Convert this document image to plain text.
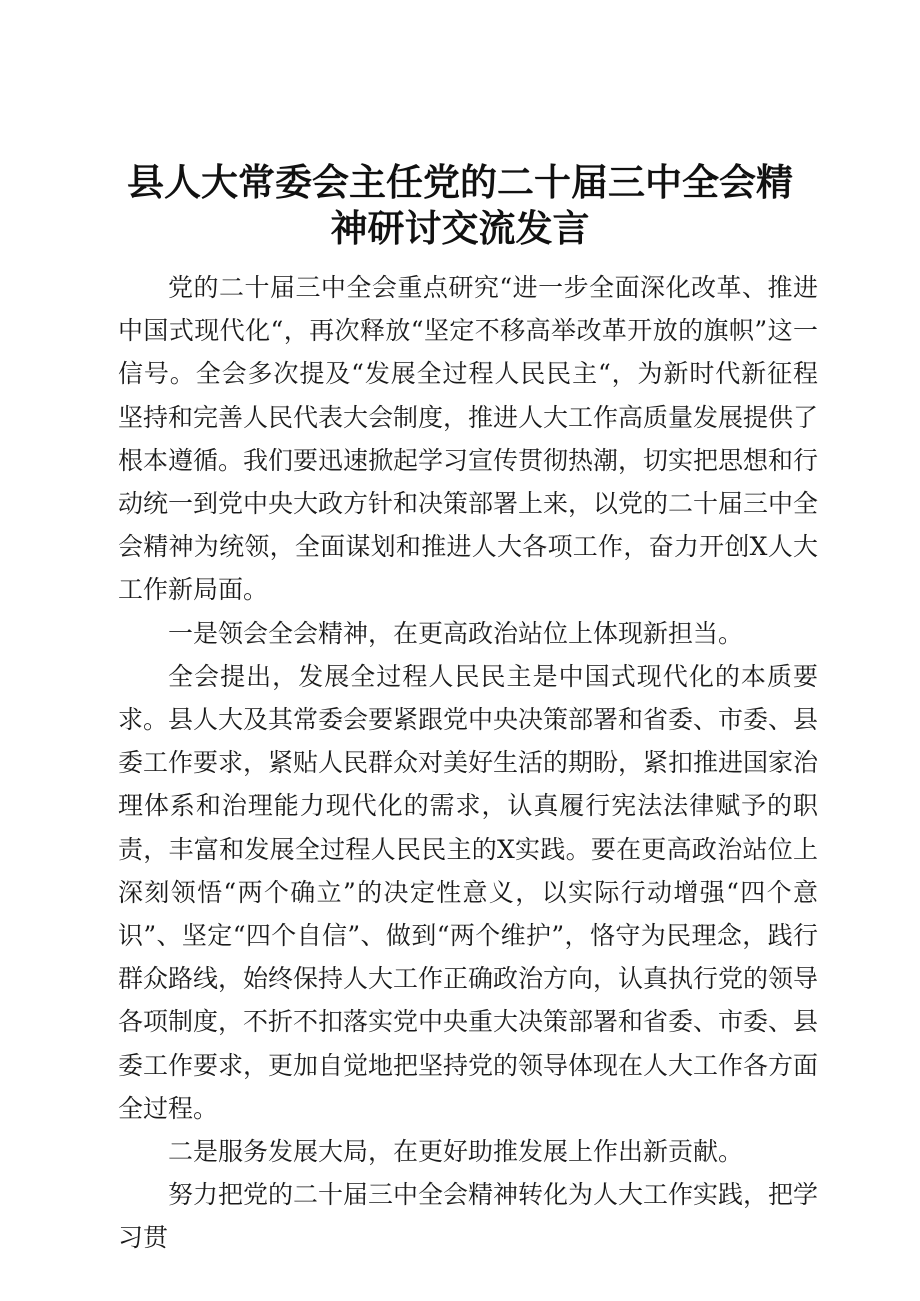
县人大常委会主任党的二十届三中全会精神研讨交流发言

党的二十届三中全会重点研究“进一步全面深化改革、推进中国式现代化“，再次释放“坚定不移高举改革开放的旗帜”这一信号。全会多次提及“发展全过程人民民主“，为新时代新征程坚持和完善人民代表大会制度，推进人大工作高质量发展提供了根本遵循。我们要迅速掀起学习宣传贯彻热潮，切实把思想和行动统一到党中央大政方针和决策部署上来，以党的二十届三中全会精神为统领，全面谋划和推进人大各项工作，奋力开创X人大工作新局面。

一是领会全会精神，在更高政治站位上体现新担当。

全会提出，发展全过程人民民主是中国式现代化的本质要求。县人大及其常委会要紧跟党中央决策部署和省委、市委、县委工作要求，紧贴人民群众对美好生活的期盼，紧扣推进国家治理体系和治理能力现代化的需求，认真履行宪法法律赋予的职责，丰富和发展全过程人民民主的X实践。要在更高政治站位上深刻领悟“两个确立”的决定性意义，以实际行动增强“四个意识”、坚定“四个自信”、做到“两个维护”，恪守为民理念，践行群众路线，始终保持人大工作正确政治方向，认真执行党的领导各项制度，不折不扣落实党中央重大决策部署和省委、市委、县委工作要求，更加自觉地把坚持党的领导体现在人大工作各方面全过程。

二是服务发展大局，在更好助推发展上作出新贡献。

努力把党的二十届三中全会精神转化为人大工作实践，把学习贯
